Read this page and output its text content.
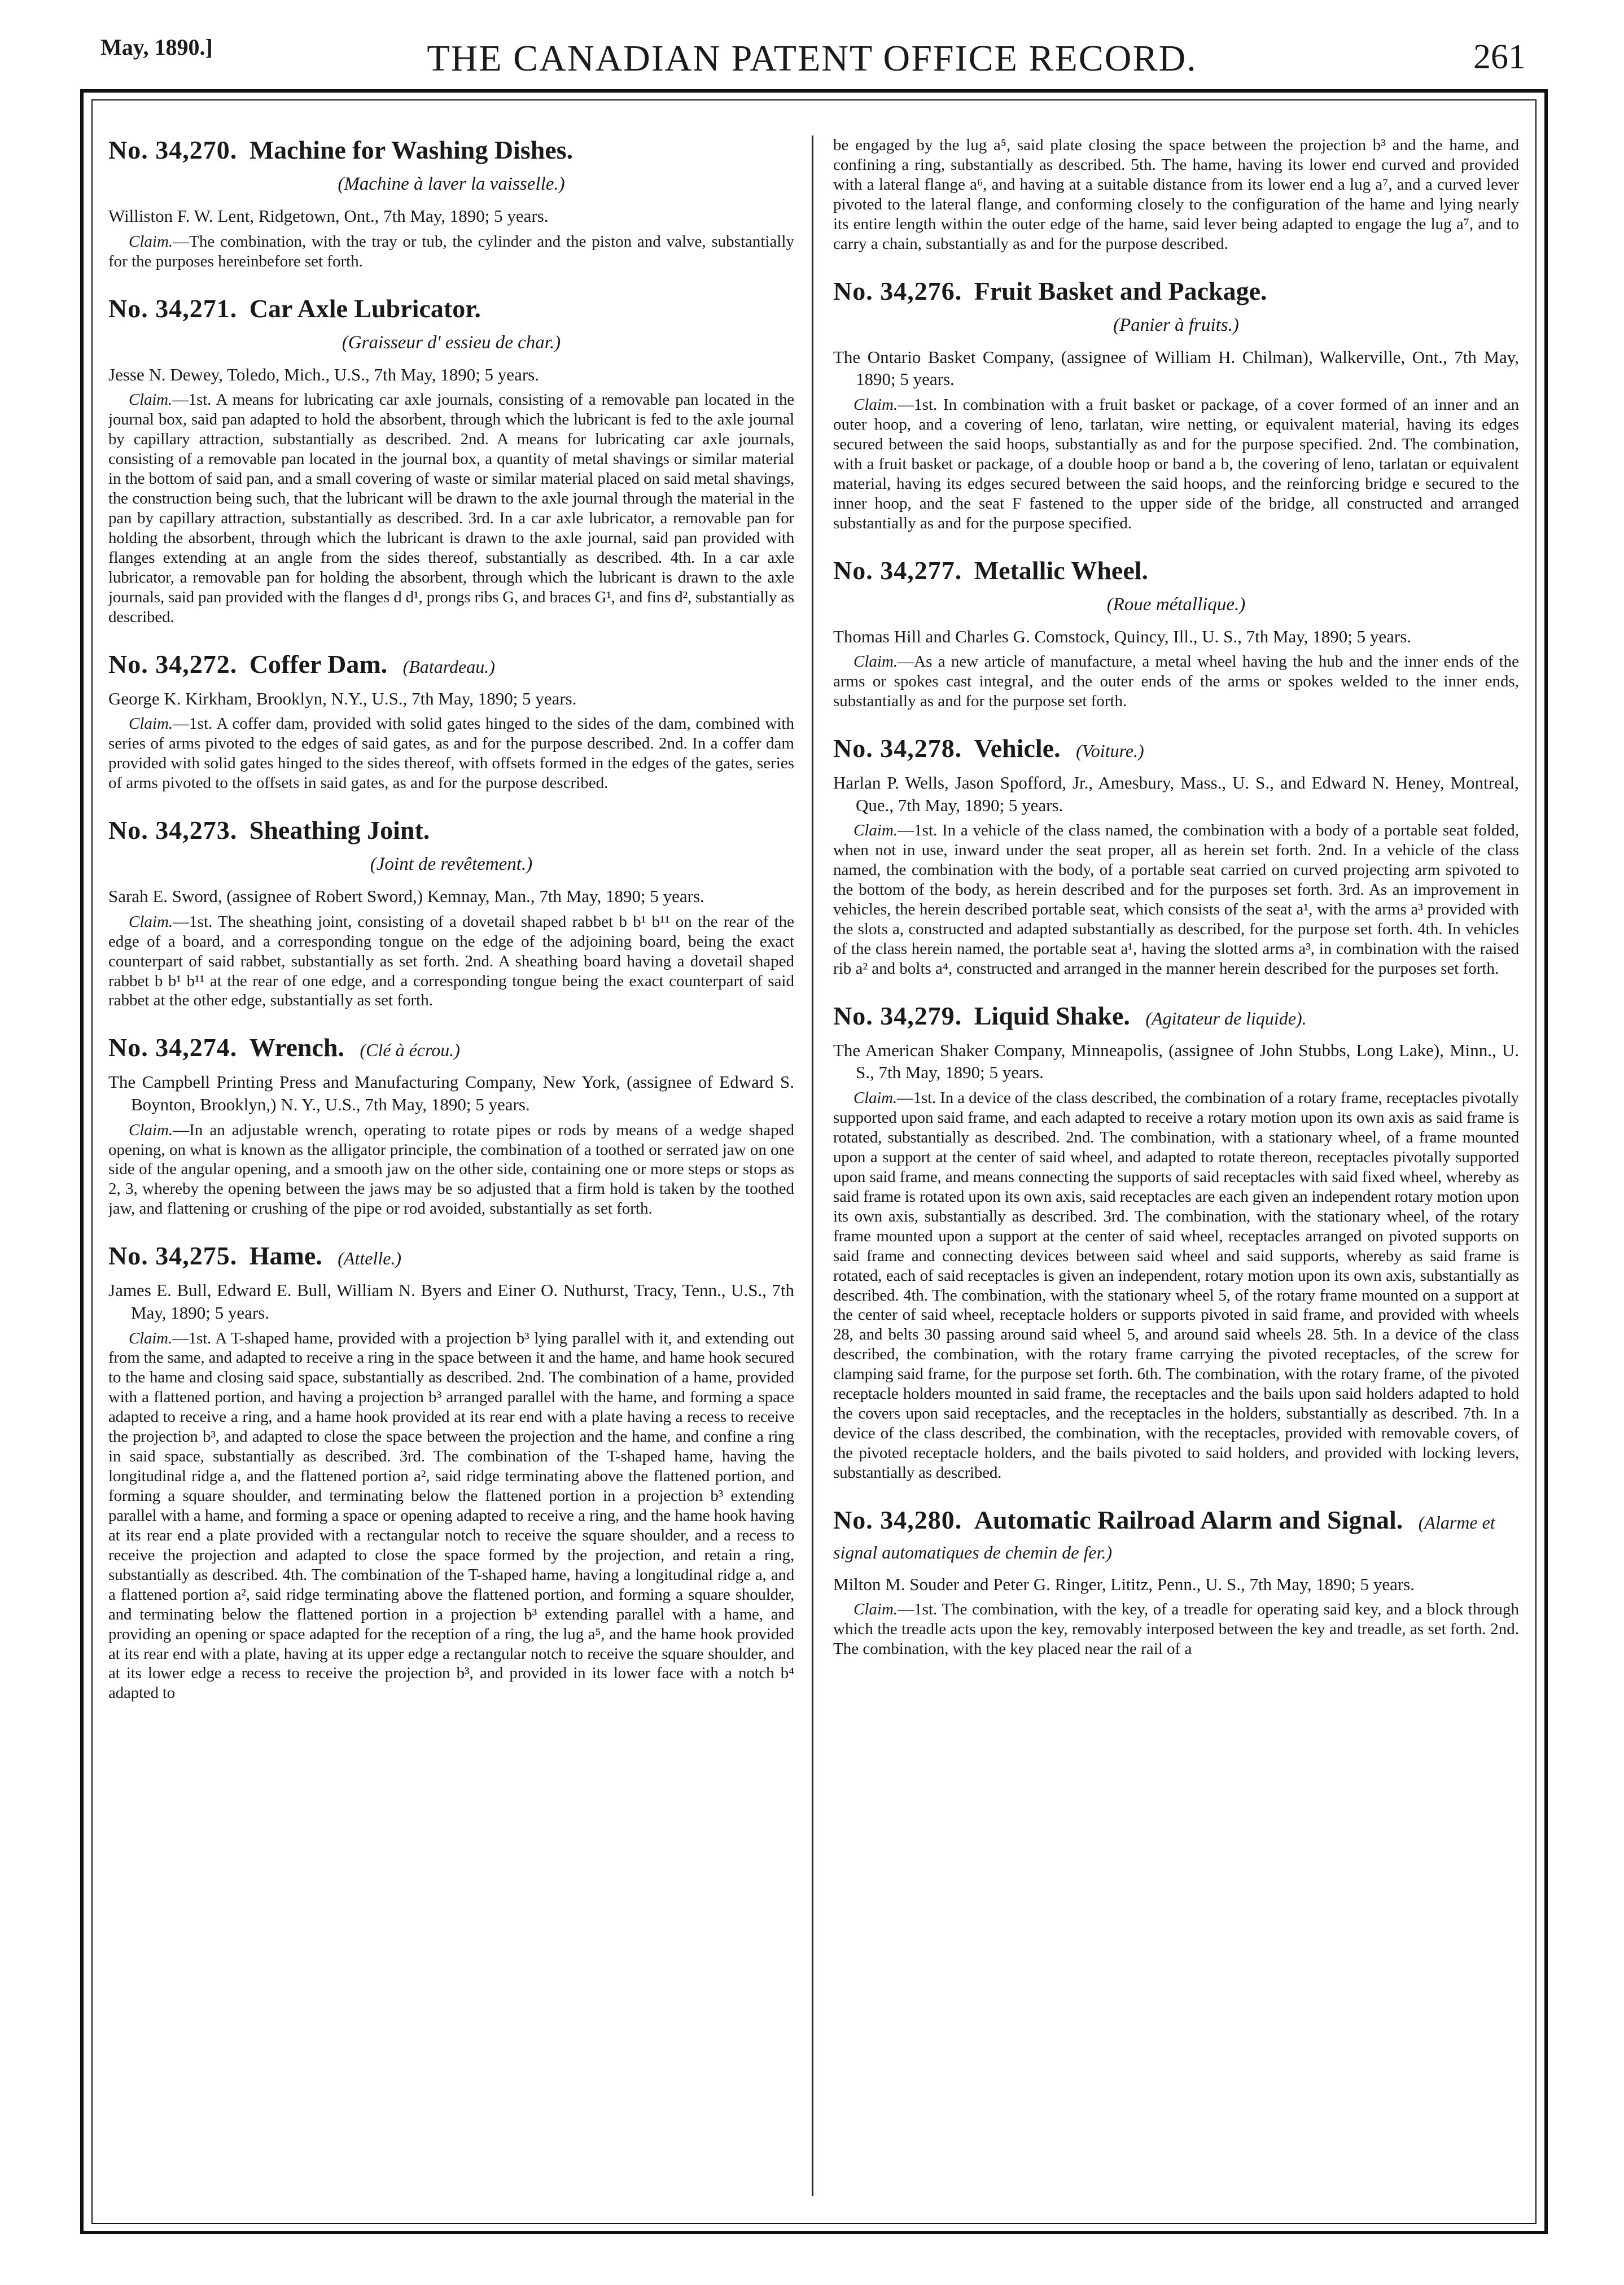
May, 1890.]	THE CANADIAN PATENT OFFICE RECORD.	261

No. 34,270. Machine for Washing Dishes.

(Machine à laver la vaisselle.)

Williston F. W. Lent, Ridgetown, Ont., 7th May, 1890; 5 years.

Claim.—The combination, with the tray or tub, the cylinder and the piston and valve, substantially for the purposes hereinbefore set forth.

No. 34,271. Car Axle Lubricator.

(Graisseur d' essieu de char.)

Jesse N. Dewey, Toledo, Mich., U.S., 7th May, 1890; 5 years.

Claim.—1st. A means for lubricating car axle journals, consisting of a removable pan located in the journal box, said pan adapted to hold the absorbent, through which the lubricant is fed to the axle journal by capillary attraction, substantially as described. 2nd. A means for lubricating car axle journals, consisting of a removable pan located in the journal box, a quantity of metal shavings or similar material in the bottom of said pan, and a small covering of waste or similar material placed on said metal shavings, the construction being such, that the lubricant will be drawn to the axle journal through the material in the pan by capillary attraction, substantially as described. 3rd. In a car axle lubricator, a removable pan for holding the absorbent, through which the lubricant is drawn to the axle journal, said pan provided with flanges extending at an angle from the sides thereof, substantially as described. 4th. In a car axle lubricator, a removable pan for holding the absorbent, through which the lubricant is drawn to the axle journals, said pan provided with the flanges d d¹, prongs ribs G, and braces G¹, and fins d², substantially as described.

No. 34,272. Coffer Dam. (Batardeau.)

George K. Kirkham, Brooklyn, N.Y., U.S., 7th May, 1890; 5 years.

Claim.—1st. A coffer dam, provided with solid gates hinged to the sides of the dam, combined with series of arms pivoted to the edges of said gates, as and for the purpose described. 2nd. In a coffer dam provided with solid gates hinged to the sides thereof, with offsets formed in the edges of the gates, series of arms pivoted to the offsets in said gates, as and for the purpose described.

No. 34,273. Sheathing Joint.

(Joint de revêtement.)

Sarah E. Sword, (assignee of Robert Sword,) Kemnay, Man., 7th May, 1890; 5 years.

Claim.—1st. The sheathing joint, consisting of a dovetail shaped rabbet b b¹ b¹¹ on the rear of the edge of a board, and a corresponding tongue on the edge of the adjoining board, being the exact counterpart of said rabbet, substantially as set forth. 2nd. A sheathing board having a dovetail shaped rabbet b b¹ b¹¹ at the rear of one edge, and a corresponding tongue being the exact counterpart of said rabbet at the other edge, substantially as set forth.

No. 34,274. Wrench. (Clé à écrou.)

The Campbell Printing Press and Manufacturing Company, New York, (assignee of Edward S. Boynton, Brooklyn,) N. Y., U.S., 7th May, 1890; 5 years.

Claim.—In an adjustable wrench, operating to rotate pipes or rods by means of a wedge shaped opening, on what is known as the alligator principle, the combination of a toothed or serrated jaw on one side of the angular opening, and a smooth jaw on the other side, containing one or more steps or stops as 2, 3, whereby the opening between the jaws may be so adjusted that a firm hold is taken by the toothed jaw, and flattening or crushing of the pipe or rod avoided, substantially as set forth.

No. 34,275. Hame. (Attelle.)

James E. Bull, Edward E. Bull, William N. Byers and Einer O. Nuthurst, Tracy, Tenn., U.S., 7th May, 1890; 5 years.

Claim.—1st. A T-shaped hame, provided with a projection b³ lying parallel with it, and extending out from the same, and adapted to receive a ring in the space between it and the hame, and hame hook secured to the hame and closing said space, substantially as described. 2nd. The combination of a hame, provided with a flattened portion, and having a projection b³ arranged parallel with the hame, and forming a space adapted to receive a ring, and a hame hook provided at its rear end with a plate having a recess to receive the projection b³, and adapted to close the space between the projection and the hame, and confine a ring in said space, substantially as described. 3rd. The combination of the T-shaped hame, having the longitudinal ridge a, and the flattened portion a², said ridge terminating above the flattened portion, and forming a square shoulder, and terminating below the flattened portion in a projection b³ extending parallel with a hame, and forming a space or opening adapted to receive a ring, and the hame hook having at its rear end a plate provided with a rectangular notch to receive the square shoulder, and a recess to receive the projection and adapted to close the space formed by the projection, and retain a ring, substantially as described. 4th. The combination of the T-shaped hame, having a longitudinal ridge a, and a flattened portion a², said ridge terminating above the flattened portion, and forming a square shoulder, and terminating below the flattened portion in a projection b³ extending parallel with a hame, and providing an opening or space adapted for the reception of a ring, the lug a⁵, and the hame hook provided at its rear end with a plate, having at its upper edge a rectangular notch to receive the square shoulder, and at its lower edge a recess to receive the projection b³, and provided in its lower face with a notch b⁴ adapted to

be engaged by the lug a⁵, said plate closing the space between the projection b³ and the hame, and confining a ring, substantially as described. 5th. The hame, having its lower end curved and provided with a lateral flange a⁶, and having at a suitable distance from its lower end a lug a⁷, and a curved lever pivoted to the lateral flange, and conforming closely to the configuration of the hame and lying nearly its entire length within the outer edge of the hame, said lever being adapted to engage the lug a⁷, and to carry a chain, substantially as and for the purpose described.

No. 34,276. Fruit Basket and Package.

(Panier à fruits.)

The Ontario Basket Company, (assignee of William H. Chilman), Walkerville, Ont., 7th May, 1890; 5 years.

Claim.—1st. In combination with a fruit basket or package, of a cover formed of an inner and an outer hoop, and a covering of leno, tarlatan, wire netting, or equivalent material, having its edges secured between the said hoops, substantially as and for the purpose specified. 2nd. The combination, with a fruit basket or package, of a double hoop or band a b, the covering of leno, tarlatan or equivalent material, having its edges secured between the said hoops, and the reinforcing bridge e secured to the inner hoop, and the seat F fastened to the upper side of the bridge, all constructed and arranged substantially as and for the purpose specified.

No. 34,277. Metallic Wheel.

(Roue métallique.)

Thomas Hill and Charles G. Comstock, Quincy, Ill., U. S., 7th May, 1890; 5 years.

Claim.—As a new article of manufacture, a metal wheel having the hub and the inner ends of the arms or spokes cast integral, and the outer ends of the arms or spokes welded to the inner ends, substantially as and for the purpose set forth.

No. 34,278. Vehicle. (Voiture.)

Harlan P. Wells, Jason Spofford, Jr., Amesbury, Mass., U. S., and Edward N. Heney, Montreal, Que., 7th May, 1890; 5 years.

Claim.—1st. In a vehicle of the class named, the combination with a body of a portable seat folded, when not in use, inward under the seat proper, all as herein set forth. 2nd. In a vehicle of the class named, the combination with the body, of a portable seat carried on curved projecting arm spivoted to the bottom of the body, as herein described and for the purposes set forth. 3rd. As an improvement in vehicles, the herein described portable seat, which consists of the seat a¹, with the arms a³ provided with the slots a, constructed and adapted substantially as described, for the purpose set forth. 4th. In vehicles of the class herein named, the portable seat a¹, having the slotted arms a³, in combination with the raised rib a² and bolts a⁴, constructed and arranged in the manner herein described for the purposes set forth.

No. 34,279. Liquid Shake. (Agitateur de liquide).

The American Shaker Company, Minneapolis, (assignee of John Stubbs, Long Lake), Minn., U. S., 7th May, 1890; 5 years.

Claim.—1st. In a device of the class described, the combination of a rotary frame, receptacles pivotally supported upon said frame, and each adapted to receive a rotary motion upon its own axis as said frame is rotated, substantially as described. 2nd. The combination, with a stationary wheel, of a frame mounted upon a support at the center of said wheel, and adapted to rotate thereon, receptacles pivotally supported upon said frame, and means connecting the supports of said receptacles with said fixed wheel, whereby as said frame is rotated upon its own axis, said receptacles are each given an independent rotary motion upon its own axis, substantially as described. 3rd. The combination, with the stationary wheel, of the rotary frame mounted upon a support at the center of said wheel, receptacles arranged on pivoted supports on said frame and connecting devices between said wheel and said supports, whereby as said frame is rotated, each of said receptacles is given an independent, rotary motion upon its own axis, substantially as described. 4th. The combination, with the stationary wheel 5, of the rotary frame mounted on a support at the center of said wheel, receptacle holders or supports pivoted in said frame, and provided with wheels 28, and belts 30 passing around said wheel 5, and around said wheels 28. 5th. In a device of the class described, the combination, with the rotary frame carrying the pivoted receptacles, of the screw for clamping said frame, for the purpose set forth. 6th. The combination, with the rotary frame, of the pivoted receptacle holders mounted in said frame, the receptacles and the bails upon said holders adapted to hold the covers upon said receptacles, and the receptacles in the holders, substantially as described. 7th. In a device of the class described, the combination, with the receptacles, provided with removable covers, of the pivoted receptacle holders, and the bails pivoted to said holders, and provided with locking levers, substantially as described.

No. 34,280. Automatic Railroad Alarm and Signal. (Alarme et signal automatiques de chemin de fer.)

Milton M. Souder and Peter G. Ringer, Lititz, Penn., U. S., 7th May, 1890; 5 years.

Claim.—1st. The combination, with the key, of a treadle for operating said key, and a block through which the treadle acts upon the key, removably interposed between the key and treadle, as set forth. 2nd. The combination, with the key placed near the rail of a
